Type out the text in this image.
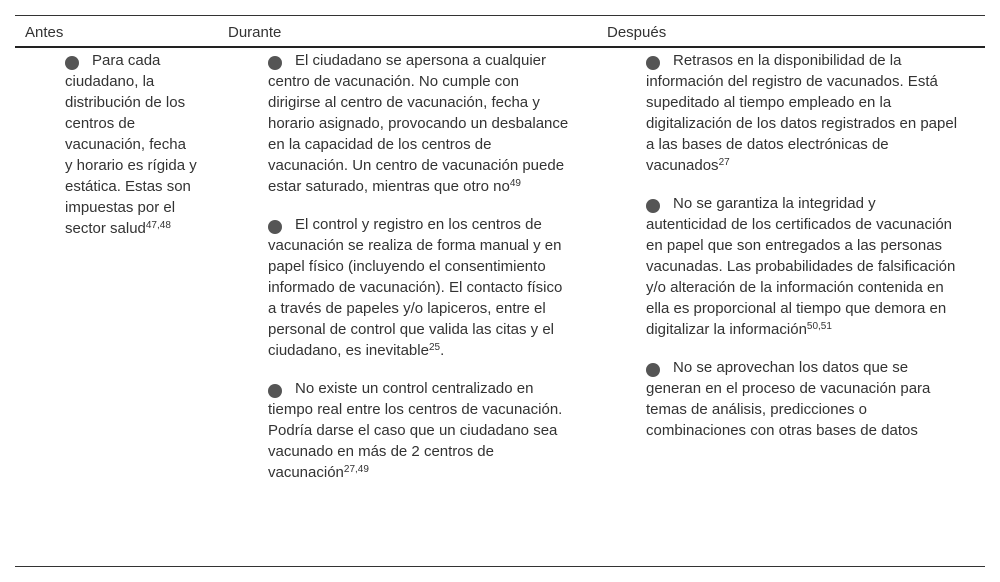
Antes	Durante	Después
Para cada ciudadano, la distribución de los centros de vacunación, fecha y horario es rígida y estática. Estas son impuestas por el sector salud$^{47,48}$
El ciudadano se apersona a cualquier centro de vacunación. No cumple con dirigirse al centro de vacunación, fecha y horario asignado, provocando un desbalance en la capacidad de los centros de vacunación. Un centro de vacunación puede estar saturado, mientras que otro $no^{49}$
El control y registro en los centros de vacunación se realiza de forma manual y en papel físico (incluyendo el consentimiento informado de vacunación). El contacto físico a través de papeles y/o lapiceros, entre el personal de control que valida las citas y el ciudadano, es inevitable$^{25}$.
No existe un control centralizado en tiempo real entre los centros de vacunación. Podría darse el caso que un ciudadano sea vacunado en más de 2 centros de vacunación$^{27,49}$
Retrasos en la disponibilidad de la información del registro de vacunados. Está supeditado al tiempo empleado en la digitalización de los datos registrados en papel a las bases de datos electrónicas de vacunados$^{27}$
No se garantiza la integridad y autenticidad de los certificados de vacunación en papel que son entregados a las personas vacunadas. Las probabilidades de falsificación y/o alteración de la información contenida en ella es proporcional al tiempo que demora en digitalizar la información$^{50,51}$
No se aprovechan los datos que se generan en el proceso de vacunación para temas de análisis, predicciones o combinaciones con otras bases de datos
